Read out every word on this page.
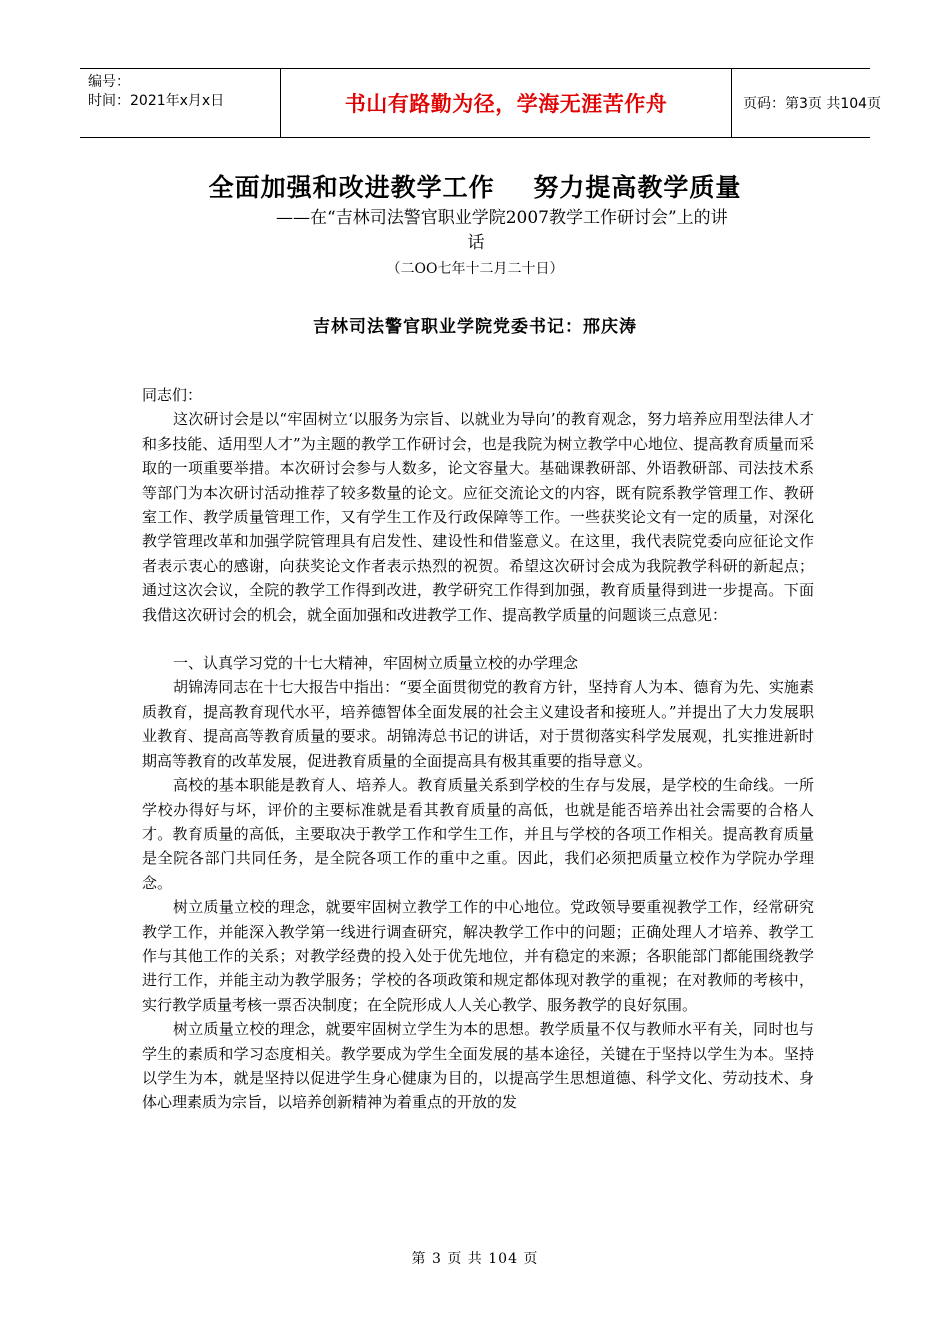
编号：
时间：2021年x月x日	书山有路勤为径，学海无涯苦作舟	页码：第3页 共104页
全面加强和改进教学工作    努力提高教学质量
——在“吉林司法警官职业学院2007教学工作研讨会”上的讲
话
（二OO七年十二月二十日）
吉林司法警官职业学院党委书记：邢庆涛

同志们：

这次研讨会是以“牢固树立‘以服务为宗旨、以就业为导向’的教育观念，努力培养应用型法律人才和多技能、适用型人才”为主题的教学工作研讨会，也是我院为树立教学中心地位、提高教育质量而采取的一项重要举措。本次研讨会参与人数多，论文容量大。基础课教研部、外语教研部、司法技术系等部门为本次研讨活动推荐了较多数量的论文。应征交流论文的内容，既有院系教学管理工作、教研室工作、教学质量管理工作，又有学生工作及行政保障等工作。一些获奖论文有一定的质量，对深化教学管理改革和加强学院管理具有启发性、建设性和借鉴意义。在这里，我代表院党委向应征论文作者表示衷心的感谢，向获奖论文作者表示热烈的祝贺。希望这次研讨会成为我院教学科研的新起点；通过这次会议，全院的教学工作得到改进，教学研究工作得到加强，教育质量得到进一步提高。下面我借这次研讨会的机会，就全面加强和改进教学工作、提高教学质量的问题谈三点意见：

一、认真学习党的十七大精神，牢固树立质量立校的办学理念

胡锦涛同志在十七大报告中指出：“要全面贯彻党的教育方针，坚持育人为本、德育为先、实施素质教育，提高教育现代水平，培养德智体全面发展的社会主义建设者和接班人。”并提出了大力发展职业教育、提高高等教育质量的要求。胡锦涛总书记的讲话，对于贯彻落实科学发展观，扎实推进新时期高等教育的改革发展，促进教育质量的全面提高具有极其重要的指导意义。

高校的基本职能是教育人、培养人。教育质量关系到学校的生存与发展，是学校的生命线。一所学校办得好与坏，评价的主要标准就是看其教育质量的高低，也就是能否培养出社会需要的合格人才。教育质量的高低，主要取决于教学工作和学生工作，并且与学校的各项工作相关。提高教育质量是全院各部门共同任务，是全院各项工作的重中之重。因此，我们必须把质量立校作为学院办学理念。

树立质量立校的理念，就要牢固树立教学工作的中心地位。党政领导要重视教学工作，经常研究教学工作，并能深入教学第一线进行调查研究，解决教学工作中的问题；正确处理人才培养、教学工作与其他工作的关系；对教学经费的投入处于优先地位，并有稳定的来源；各职能部门都能围绕教学进行工作，并能主动为教学服务；学校的各项政策和规定都体现对教学的重视；在对教师的考核中，实行教学质量考核一票否决制度；在全院形成人人关心教学、服务教学的良好氛围。

树立质量立校的理念，就要牢固树立学生为本的思想。教学质量不仅与教师水平有关，同时也与学生的素质和学习态度相关。教学要成为学生全面发展的基本途径，关键在于坚持以学生为本。坚持以学生为本，就是坚持以促进学生身心健康为目的，以提高学生思想道德、科学文化、劳动技术、身体心理素质为宗旨，以培养创新精神为着重点的开放的发

第 3 页 共 104 页
